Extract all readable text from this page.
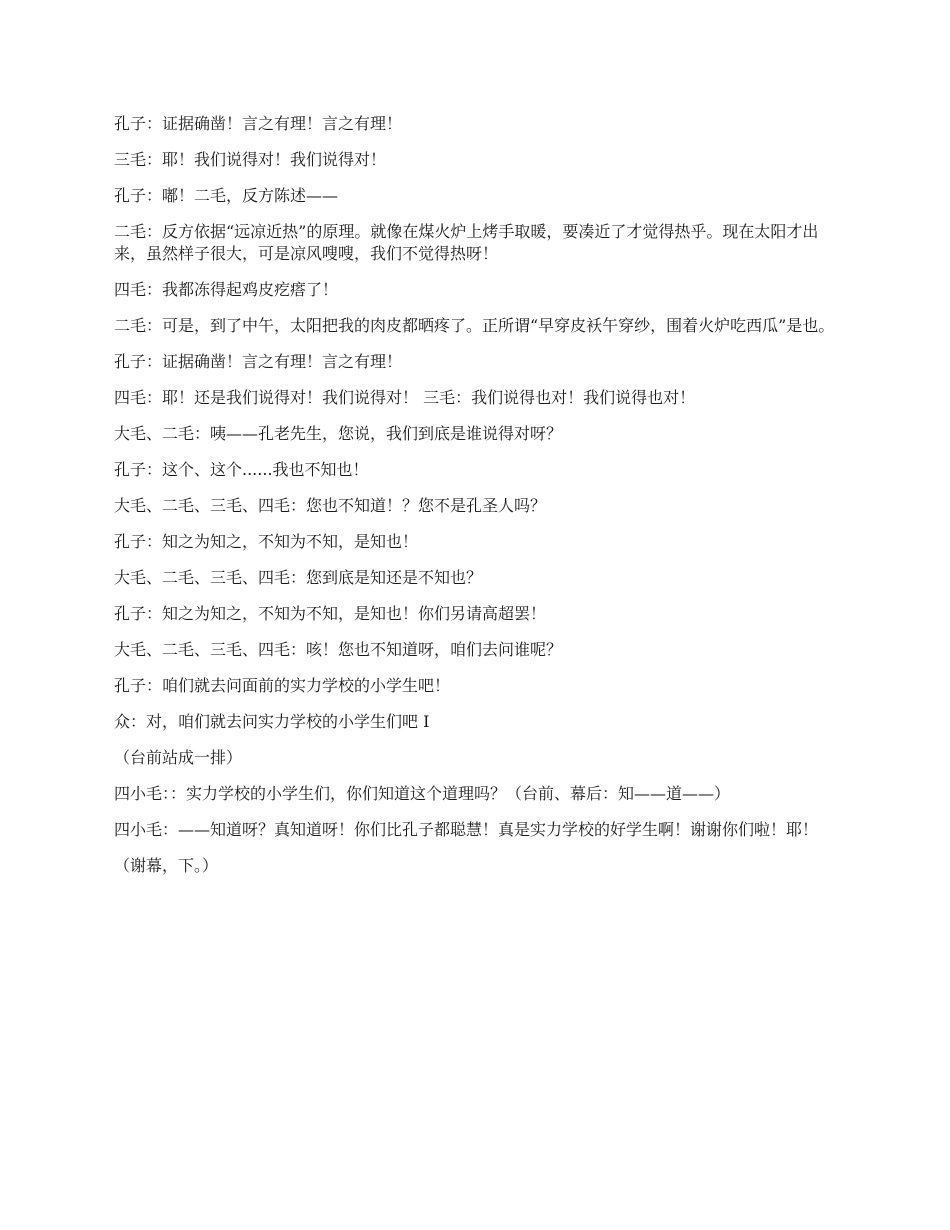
孔子：证据确凿！言之有理！言之有理！

三毛：耶！我们说得对！我们说得对！

孔子：嘟！二毛，反方陈述——

二毛：反方依据“远凉近热”的原理。就像在煤火炉上烤手取暖，要凑近了才觉得热乎。现在太阳才出来，虽然样子很大，可是凉风嗖嗖，我们不觉得热呀！

四毛：我都冻得起鸡皮疙瘩了！

二毛：可是，到了中午，太阳把我的肉皮都晒疼了。正所谓“早穿皮袄午穿纱，围着火炉吃西瓜”是也。

孔子：证据确凿！言之有理！言之有理！

四毛：耶！还是我们说得对！我们说得对！ 三毛：我们说得也对！我们说得也对！

大毛、二毛：咦——孔老先生，您说，我们到底是谁说得对呀？

孔子：这个、这个......我也不知也！

大毛、二毛、三毛、四毛：您也不知道！？您不是孔圣人吗？

孔子：知之为知之，不知为不知，是知也！

大毛、二毛、三毛、四毛：您到底是知还是不知也？

孔子：知之为知之，不知为不知，是知也！你们另请高超罢！

大毛、二毛、三毛、四毛：咳！您也不知道呀，咱们去问谁呢？

孔子：咱们就去问面前的实力学校的小学生吧！

众：对，咱们就去问实力学校的小学生们吧 I

（台前站成一排）

四小毛：：实力学校的小学生们，你们知道这个道理吗？（台前、幕后：知——道——）

四小毛：——知道呀？真知道呀！你们比孔子都聪慧！真是实力学校的好学生啊！谢谢你们啦！耶！

（谢幕，下。）
